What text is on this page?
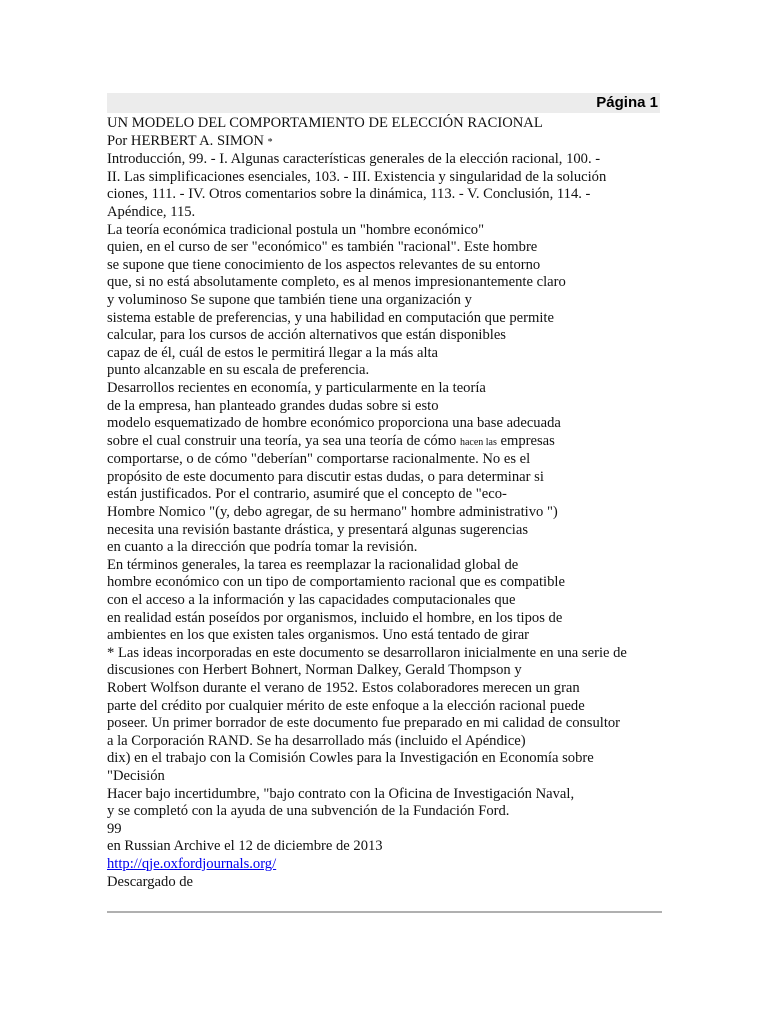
Página 1
UN MODELO DEL COMPORTAMIENTO DE ELECCIÓN RACIONAL
Por HERBERT A. SIMON *
Introducción, 99. - I. Algunas características generales de la elección racional, 100. -
II. Las simplificaciones esenciales, 103. - III. Existencia y singularidad de la solución
ciones, 111. - IV. Otros comentarios sobre la dinámica, 113. - V. Conclusión, 114. -
Apéndice, 115.
La teoría económica tradicional postula un "hombre económico"
quien, en el curso de ser "económico" es también "racional". Este hombre
se supone que tiene conocimiento de los aspectos relevantes de su entorno
que, si no está absolutamente completo, es al menos impresionantemente claro
y voluminoso Se supone que también tiene una organización y
sistema estable de preferencias, y una habilidad en computación que permite
calcular, para los cursos de acción alternativos que están disponibles
capaz de él, cuál de estos le permitirá llegar a la más alta
punto alcanzable en su escala de preferencia.
Desarrollos recientes en economía, y particularmente en la teoría
de la empresa, han planteado grandes dudas sobre si esto
modelo esquematizado de hombre económico proporciona una base adecuada
sobre el cual construir una teoría, ya sea una teoría de cómo hacen las empresas
comportarse, o de cómo "deberían" comportarse racionalmente. No es el
propósito de este documento para discutir estas dudas, o para determinar si
están justificados. Por el contrario, asumiré que el concepto de "eco-
Hombre Nomico "(y, debo agregar, de su hermano" hombre administrativo ")
necesita una revisión bastante drástica, y presentará algunas sugerencias
en cuanto a la dirección que podría tomar la revisión.
En términos generales, la tarea es reemplazar la racionalidad global de
hombre económico con un tipo de comportamiento racional que es compatible
con el acceso a la información y las capacidades computacionales que
en realidad están poseídos por organismos, incluido el hombre, en los tipos de
ambientes en los que existen tales organismos. Uno está tentado de girar
* Las ideas incorporadas en este documento se desarrollaron inicialmente en una serie de
discusiones con Herbert Bohnert, Norman Dalkey, Gerald Thompson y
Robert Wolfson durante el verano de 1952. Estos colaboradores merecen un gran
parte del crédito por cualquier mérito de este enfoque a la elección racional puede
poseer. Un primer borrador de este documento fue preparado en mi calidad de consultor
a la Corporación RAND. Se ha desarrollado más (incluido el Apéndice)
dix) en el trabajo con la Comisión Cowles para la Investigación en Economía sobre
"Decisión
Hacer bajo incertidumbre, "bajo contrato con la Oficina de Investigación Naval,
y se completó con la ayuda de una subvención de la Fundación Ford.
99
en Russian Archive el 12 de diciembre de 2013
http://qje.oxfordjournals.org/
Descargado de
